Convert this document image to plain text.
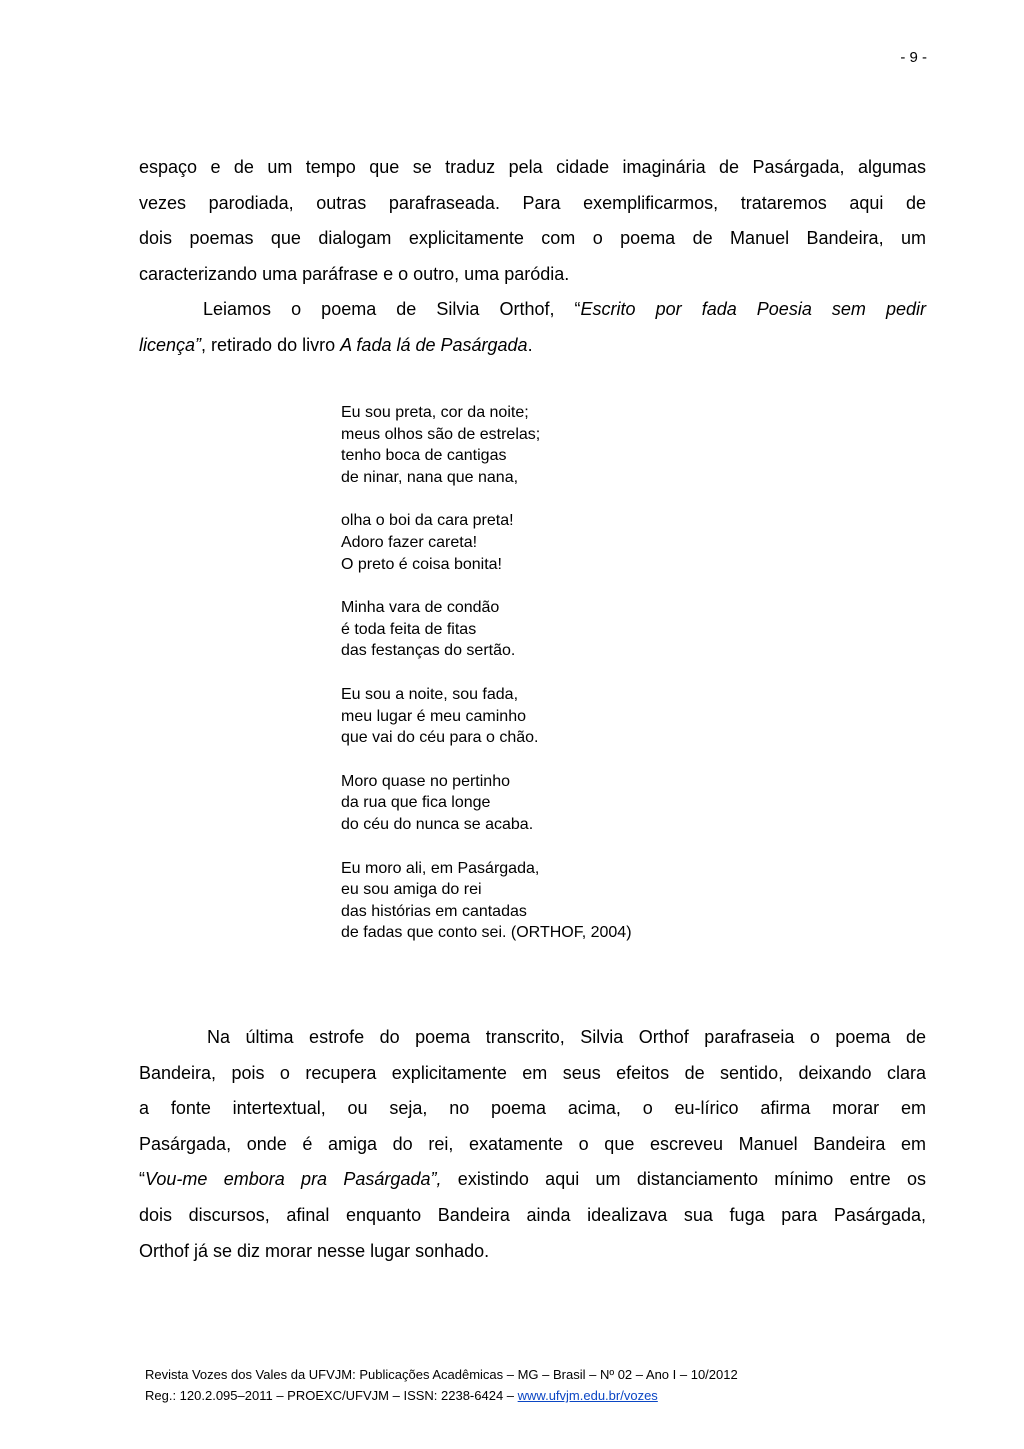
- 9 -
espaço e de um tempo que se traduz pela cidade imaginária de Pasárgada, algumas
vezes parodiada, outras parafraseada. Para exemplificarmos, trataremos aqui de
dois poemas que dialogam explicitamente com o poema de Manuel Bandeira, um
caracterizando uma paráfrase e o outro, uma paródia.
Leiamos o poema de Silvia Orthof, “Escrito por fada Poesia sem pedir
licença”, retirado do livro A fada lá de Pasárgada.
Eu sou preta, cor da noite;
meus olhos são de estrelas;
tenho boca de cantigas
de ninar, nana que nana,
olha o boi da cara preta!
Adoro fazer careta!
O preto é coisa bonita!
Minha vara de condão
é toda feita de fitas
das festanças do sertão.
Eu sou a noite, sou fada,
meu lugar é meu caminho
que vai do céu para o chão.
Moro quase no pertinho
da rua que fica longe
do céu do nunca se acaba.
Eu moro ali, em Pasárgada,
eu sou amiga do rei
das histórias em cantadas
de fadas que conto sei. (ORTHOF, 2004)
Na última estrofe do poema transcrito, Silvia Orthof parafraseia o poema de
Bandeira, pois o recupera explicitamente em seus efeitos de sentido, deixando clara
a fonte intertextual, ou seja, no poema acima, o eu-lírico afirma morar em
Pasárgada, onde é amiga do rei, exatamente o que escreveu Manuel Bandeira em
“Vou-me embora pra Pasárgada”, existindo aqui um distanciamento mínimo entre os
dois discursos, afinal enquanto Bandeira ainda idealizava sua fuga para Pasárgada,
Orthof já se diz morar nesse lugar sonhado.
Revista Vozes dos Vales da UFVJM: Publicações Acadêmicas – MG – Brasil – Nº 02 – Ano I – 10/2012
Reg.: 120.2.095–2011 – PROEXC/UFVJM – ISSN: 2238-6424 – www.ufvjm.edu.br/vozes
